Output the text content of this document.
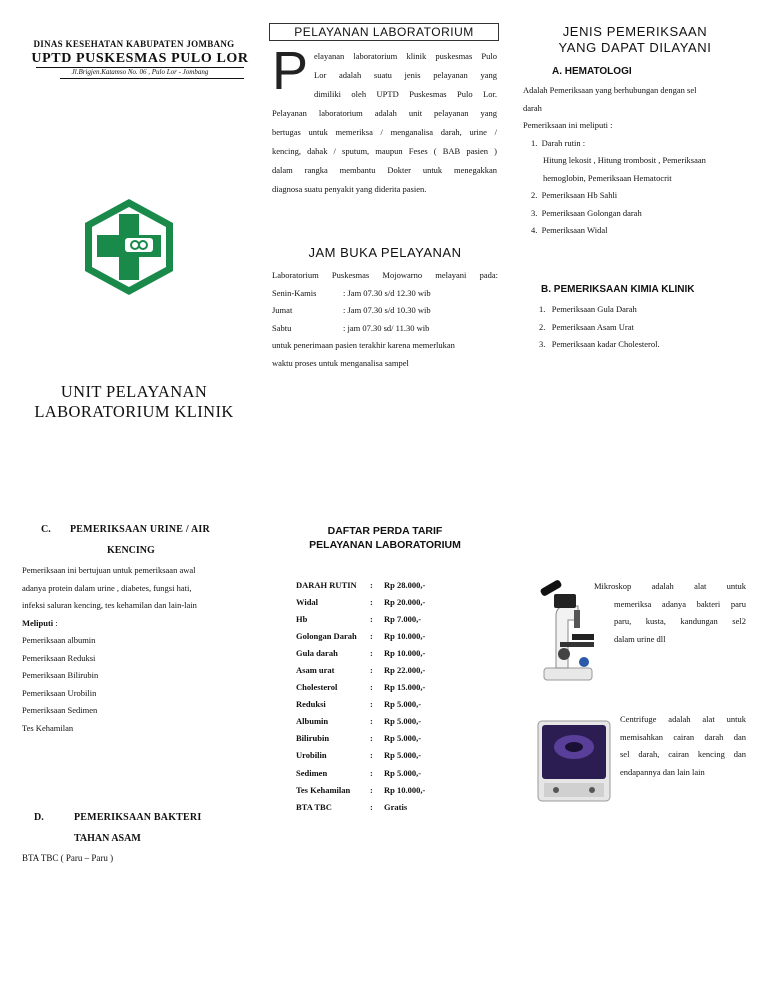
DINAS KESEHATAN KABUPATEN JOMBANG
UPTD PUSKESMAS PULO LOR
Jl.Brigjen.Katamso No. 06 , Pulo Lor - Jombang
UNIT PELAYANAN
LABORATORIUM KLINIK
C. PEMERIKSAAN URINE / AIR
KENCING
Pemeriksaan ini bertujuan untuk pemeriksaan awal
adanya protein dalam urine , diabetes, fungsi hati,
infeksi saluran kencing, tes kehamilan dan lain-lain
Meliputi :
Pemeriksaan albumin
Pemeriksaan Reduksi
Pemeriksaan Bilirubin
Pemeriksaan Urobilin
Pemeriksaan Sedimen
Tes Kehamilan
D.	PEMERIKSAAN BAKTERI
TAHAN ASAM
BTA TBC ( Paru – Paru )
PELAYANAN LABORATORIUM
P elayanan laboratorium klinik puskesmas Pulo
Lor adalah suatu jenis pelayanan yang
dimiliki oleh UPTD Puskesmas Pulo Lor.
Pelayanan laboratorium adalah unit pelayanan yang
bertugas untuk memeriksa / menganalisa darah, urine /
kencing, dahak / sputum, maupun Feses ( BAB pasien )
dalam rangka membantu Dokter untuk menegakkan
diagnosa suatu penyakit yang diderita pasien.
JAM BUKA PELAYANAN
Laboratorium Puskesmas Mojowarno melayani pada:
Senin-Kamis	: Jam 07.30 s/d 12.30 wib
Jumat	: Jam 07.30 s/d 10.30 wib
Sabtu	: jam 07.30 sd/ 11.30 wib
untuk penerimaan pasien terakhir karena memerlukan
waktu proses untuk menganalisa sampel
DAFTAR PERDA TARIF
PELAYANAN LABORATORIUM
DARAH RUTIN	:	Rp 28.000,-
Widal	:	Rp 20.000,-
Hb	:	Rp 7.000,-
Golongan Darah	:	Rp 10.000,-
Gula darah	:	Rp 10.000,-
Asam urat	:	Rp 22.000,-
Cholesterol	:	Rp 15.000,-
Reduksi	:	Rp 5.000,-
Albumin	:	Rp 5.000,-
Bilirubin	:	Rp 5.000,-
Urobilin	:	Rp 5.000,-
Sedimen	:	Rp 5.000,-
Tes Kehamilan	:	Rp 10.000,-
BTA TBC	:	Gratis
JENIS PEMERIKSAAN
YANG DAPAT DILAYANI
A. HEMATOLOGI
Adalah Pemeriksaan yang berhubungan dengan sel
darah
Pemeriksaan ini meliputi :
1.  Darah rutin :
Hitung lekosit , Hitung trombosit , Pemeriksaan
hemoglobin, Pemeriksaan Hematocrit
2.  Pemeriksaan Hb Sahli
3.  Pemeriksaan Golongan darah
4.  Pemeriksaan Widal
B. PEMERIKSAAN KIMIA KLINIK
1.   Pemeriksaan Gula Darah
2.   Pemeriksaan Asam Urat
3.   Pemeriksaan kadar Cholesterol.
Mikroskop adalah alat untuk
memeriksa adanya bakteri paru
paru, kusta, kandungan sel2
dalam urine dll
Centrifuge adalah alat untuk
memisahkan cairan darah dan
sel darah, cairan kencing dan
endapannya dan lain lain
